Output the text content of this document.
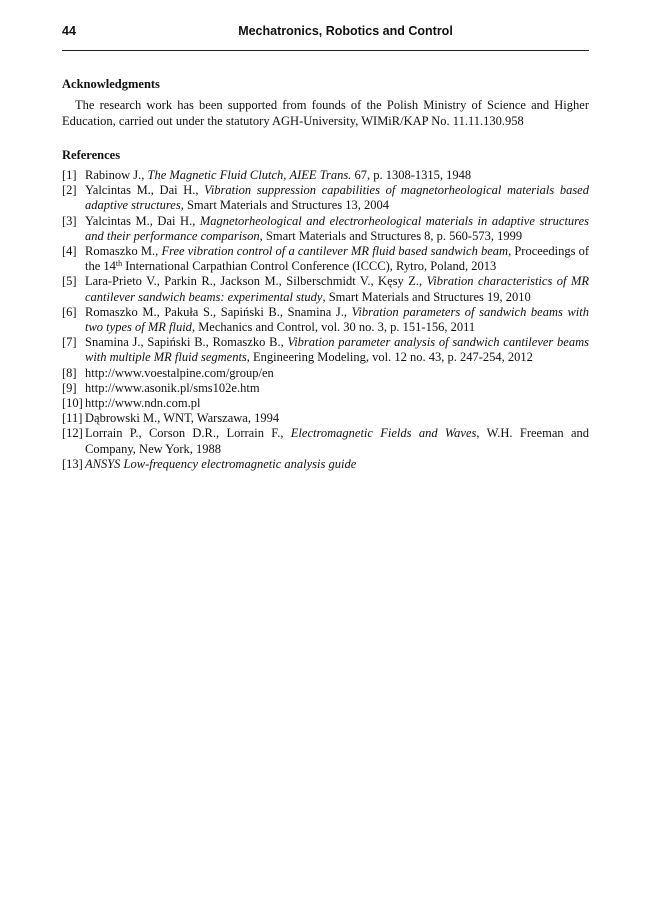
44	Mechatronics, Robotics and Control
Acknowledgments
The research work has been supported from founds of the Polish Ministry of Science and Higher Education, carried out under the statutory AGH-University, WIMiR/KAP No. 11.11.130.958
References
[1] Rabinow J., The Magnetic Fluid Clutch, AIEE Trans. 67, p. 1308-1315, 1948
[2] Yalcintas M., Dai H., Vibration suppression capabilities of magnetorheological materials based adaptive structures, Smart Materials and Structures 13, 2004
[3] Yalcintas M., Dai H., Magnetorheological and electrorheological materials in adaptive structures and their performance comparison, Smart Materials and Structures 8, p. 560-573, 1999
[4] Romaszko M., Free vibration control of a cantilever MR fluid based sandwich beam, Proceedings of the 14th International Carpathian Control Conference (ICCC), Rytro, Poland, 2013
[5] Lara-Prieto V., Parkin R., Jackson M., Silberschmidt V., Kęsy Z., Vibration characteristics of MR cantilever sandwich beams: experimental study, Smart Materials and Structures 19, 2010
[6] Romaszko M., Pakuła S., Sapiński B., Snamina J., Vibration parameters of sandwich beams with two types of MR fluid, Mechanics and Control, vol. 30 no. 3, p. 151-156, 2011
[7] Snamina J., Sapiński B., Romaszko B., Vibration parameter analysis of sandwich cantilever beams with multiple MR fluid segments, Engineering Modeling, vol. 12 no. 43, p. 247-254, 2012
[8] http://www.voestalpine.com/group/en
[9] http://www.asonik.pl/sms102e.htm
[10] http://www.ndn.com.pl
[11] Dąbrowski M., WNT, Warszawa, 1994
[12] Lorrain P., Corson D.R., Lorrain F., Electromagnetic Fields and Waves, W.H. Freeman and Company, New York, 1988
[13] ANSYS Low-frequency electromagnetic analysis guide
